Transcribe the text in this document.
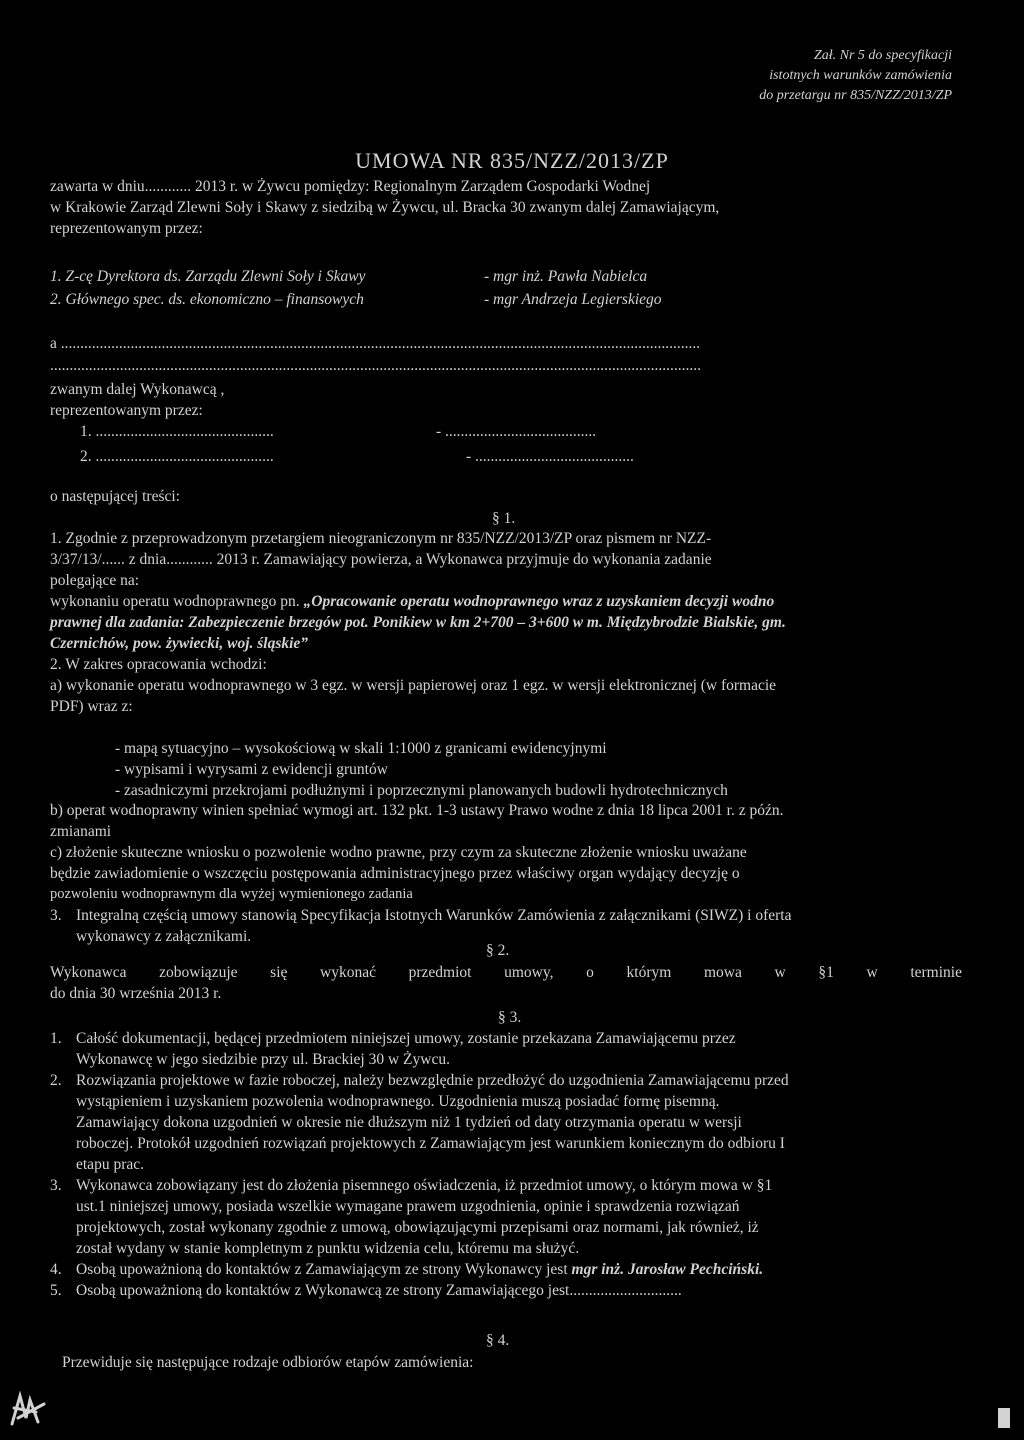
Zał. Nr 5 do specyfikacji
istotnych warunków zamówienia
do przetargu nr 835/NZZ/2013/ZP
UMOWA NR 835/NZZ/2013/ZP
zawarta w dniu............ 2013 r. w Żywcu pomiędzy: Regionalnym Zarządem Gospodarki Wodnej
w Krakowie Zarząd Zlewni Soły i Skawy z siedzibą w Żywcu, ul. Bracka 30 zwanym dalej Zamawiającym,
reprezentowanym przez:
1. Z-cę Dyrektora ds. Zarządu Zlewni Soły i Skawy	- mgr inż. Pawła Nabielca
2. Głównego spec. ds. ekonomiczno – finansowych	- mgr Andrzeja Legierskiego
a .....................................................................................................................................................................
........................................................................................................................................................................
zwanym dalej Wykonawcą ,
reprezentowanym przez:
1. ..............................................	- .......................................
2. ..............................................	- .........................................
o następującej treści:
§ 1.
1. Zgodnie z przeprowadzonym przetargiem nieograniczonym nr 835/NZZ/2013/ZP oraz pismem nr NZZ-
3/37/13/...... z dnia............ 2013 r. Zamawiający powierza, a Wykonawca przyjmuje do wykonania zadanie
polegające na:
wykonaniu operatu wodnoprawnego pn. „Opracowanie operatu wodnoprawnego wraz z uzyskaniem decyzji wodno
prawnej dla zadania: Zabezpieczenie brzegów pot. Ponikiew w km 2+700 – 3+600 w m. Międzybrodzie Bialskie, gm.
Czernichów, pow. żywiecki, woj. śląskie”
2. W zakres opracowania wchodzi:
a) wykonanie operatu wodnoprawnego w 3 egz. w wersji papierowej oraz 1 egz. w wersji elektronicznej (w formacie
PDF) wraz z:
- mapą sytuacyjno – wysokościową w skali 1:1000 z granicami ewidencyjnymi
- wypisami i wyrysami z ewidencji gruntów
- zasadniczymi przekrojami podłużnymi i poprzecznymi planowanych budowli hydrotechnicznych
b) operat wodnoprawny winien spełniać wymogi art. 132 pkt. 1-3 ustawy Prawo wodne z dnia 18 lipca 2001 r. z późn.
zmianami
c) złożenie skuteczne wniosku o pozwolenie wodno prawne, przy czym za skuteczne złożenie wniosku uważane
będzie zawiadomienie o wszczęciu postępowania administracyjnego przez właściwy organ wydający decyzję o
pozwoleniu wodnoprawnym dla wyżej wymienionego zadania
3. Integralną częścią umowy stanowią Specyfikacja Istotnych Warunków Zamówienia z załącznikami (SIWZ) i oferta
wykonawcy z załącznikami.
§ 2.
Wykonawca zobowiązuje się wykonać przedmiot umowy, o którym mowa w §1 w terminie
do dnia 30 września 2013 r.
§ 3.
1. Całość dokumentacji, będącej przedmiotem niniejszej umowy, zostanie przekazana Zamawiającemu przez
Wykonawcę w jego siedzibie przy ul. Brackiej 30 w Żywcu.
2. Rozwiązania projektowe w fazie roboczej, należy bezwzględnie przedłożyć do uzgodnienia Zamawiającemu przed
wystąpieniem i uzyskaniem pozwolenia wodnoprawnego. Uzgodnienia muszą posiadać formę pisemną.
Zamawiający dokona uzgodnień w okresie nie dłuższym niż 1 tydzień od daty otrzymania operatu w wersji
roboczej. Protokół uzgodnień rozwiązań projektowych z Zamawiającym jest warunkiem koniecznym do odbioru I
etapu prac.
3. Wykonawca zobowiązany jest do złożenia pisemnego oświadczenia, iż przedmiot umowy, o którym mowa w §1
ust.1 niniejszej umowy, posiada wszelkie wymagane prawem uzgodnienia, opinie i sprawdzenia rozwiązań
projektowych, został wykonany zgodnie z umową, obowiązującymi przepisami oraz normami, jak również, iż
został wydany w stanie kompletnym z punktu widzenia celu, któremu ma służyć.
4. Osobą upoważnioną do kontaktów z Zamawiającym ze strony Wykonawcy jest mgr inż. Jarosław Pechciński.
5. Osobą upoważnioną do kontaktów z Wykonawcą ze strony Zamawiającego jest.............................
§ 4.
Przewiduje się następujące rodzaje odbiorów etapów zamówienia:
